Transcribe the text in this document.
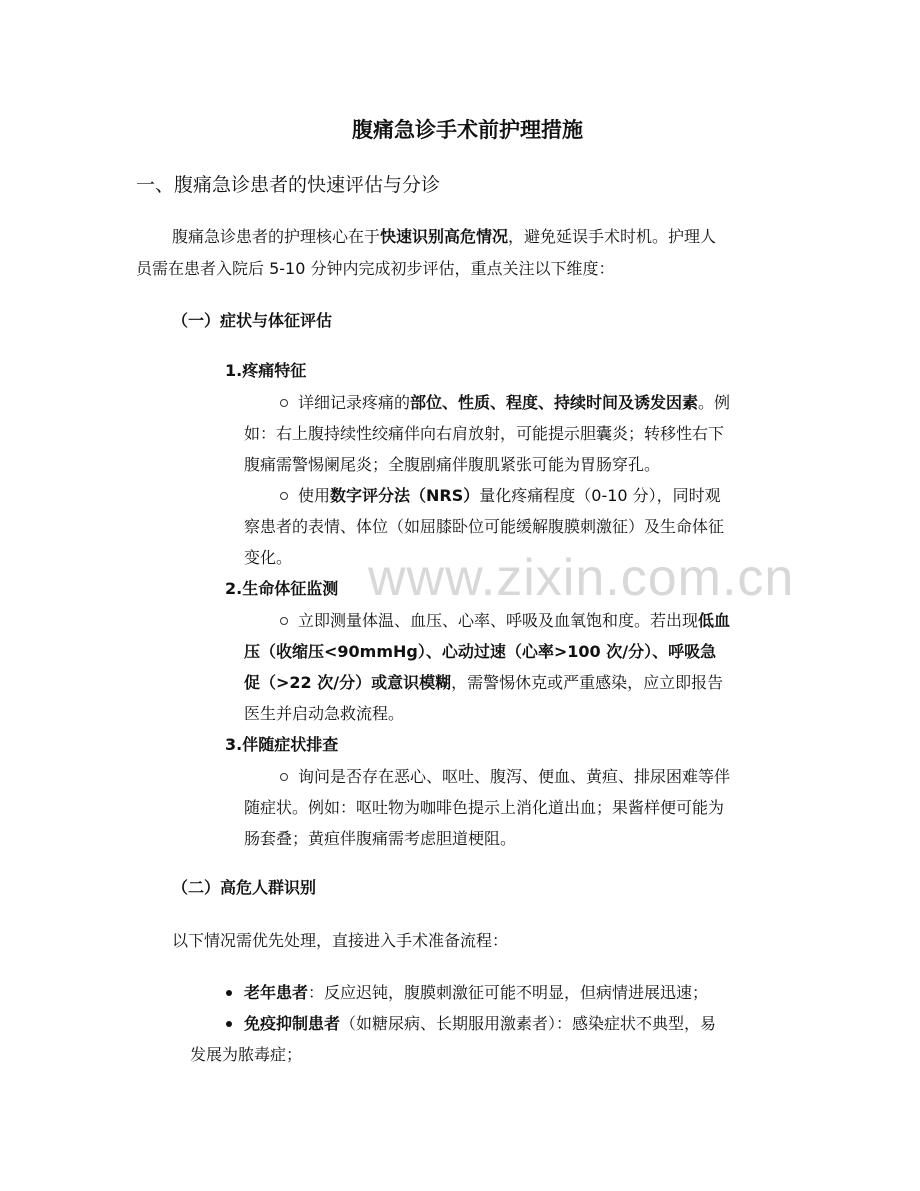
www.zixin.com.cn
腹痛急诊手术前护理措施
一、腹痛急诊患者的快速评估与分诊
腹痛急诊患者的护理核心在于快速识别高危情况，避免延误手术时机。护理人
员需在患者入院后 5-10 分钟内完成初步评估，重点关注以下维度：
（一）症状与体征评估
1.疼痛特征
详细记录疼痛的部位、性质、程度、持续时间及诱发因素。例
如：右上腹持续性绞痛伴向右肩放射，可能提示胆囊炎；转移性右下
腹痛需警惕阑尾炎；全腹剧痛伴腹肌紧张可能为胃肠穿孔。
使用数字评分法（NRS）量化疼痛程度（0-10 分），同时观
察患者的表情、体位（如屈膝卧位可能缓解腹膜刺激征）及生命体征
变化。
2.生命体征监测
立即测量体温、血压、心率、呼吸及血氧饱和度。若出现低血
压（收缩压<90mmHg）、心动过速（心率>100 次/分）、呼吸急
促（>22 次/分）或意识模糊，需警惕休克或严重感染，应立即报告
医生并启动急救流程。
3.伴随症状排查
询问是否存在恶心、呕吐、腹泻、便血、黄疸、排尿困难等伴
随症状。例如：呕吐物为咖啡色提示上消化道出血；果酱样便可能为
肠套叠；黄疸伴腹痛需考虑胆道梗阻。
（二）高危人群识别
以下情况需优先处理，直接进入手术准备流程：
老年患者：反应迟钝，腹膜刺激征可能不明显，但病情进展迅速；
免疫抑制患者（如糖尿病、长期服用激素者）：感染症状不典型，易
发展为脓毒症；
